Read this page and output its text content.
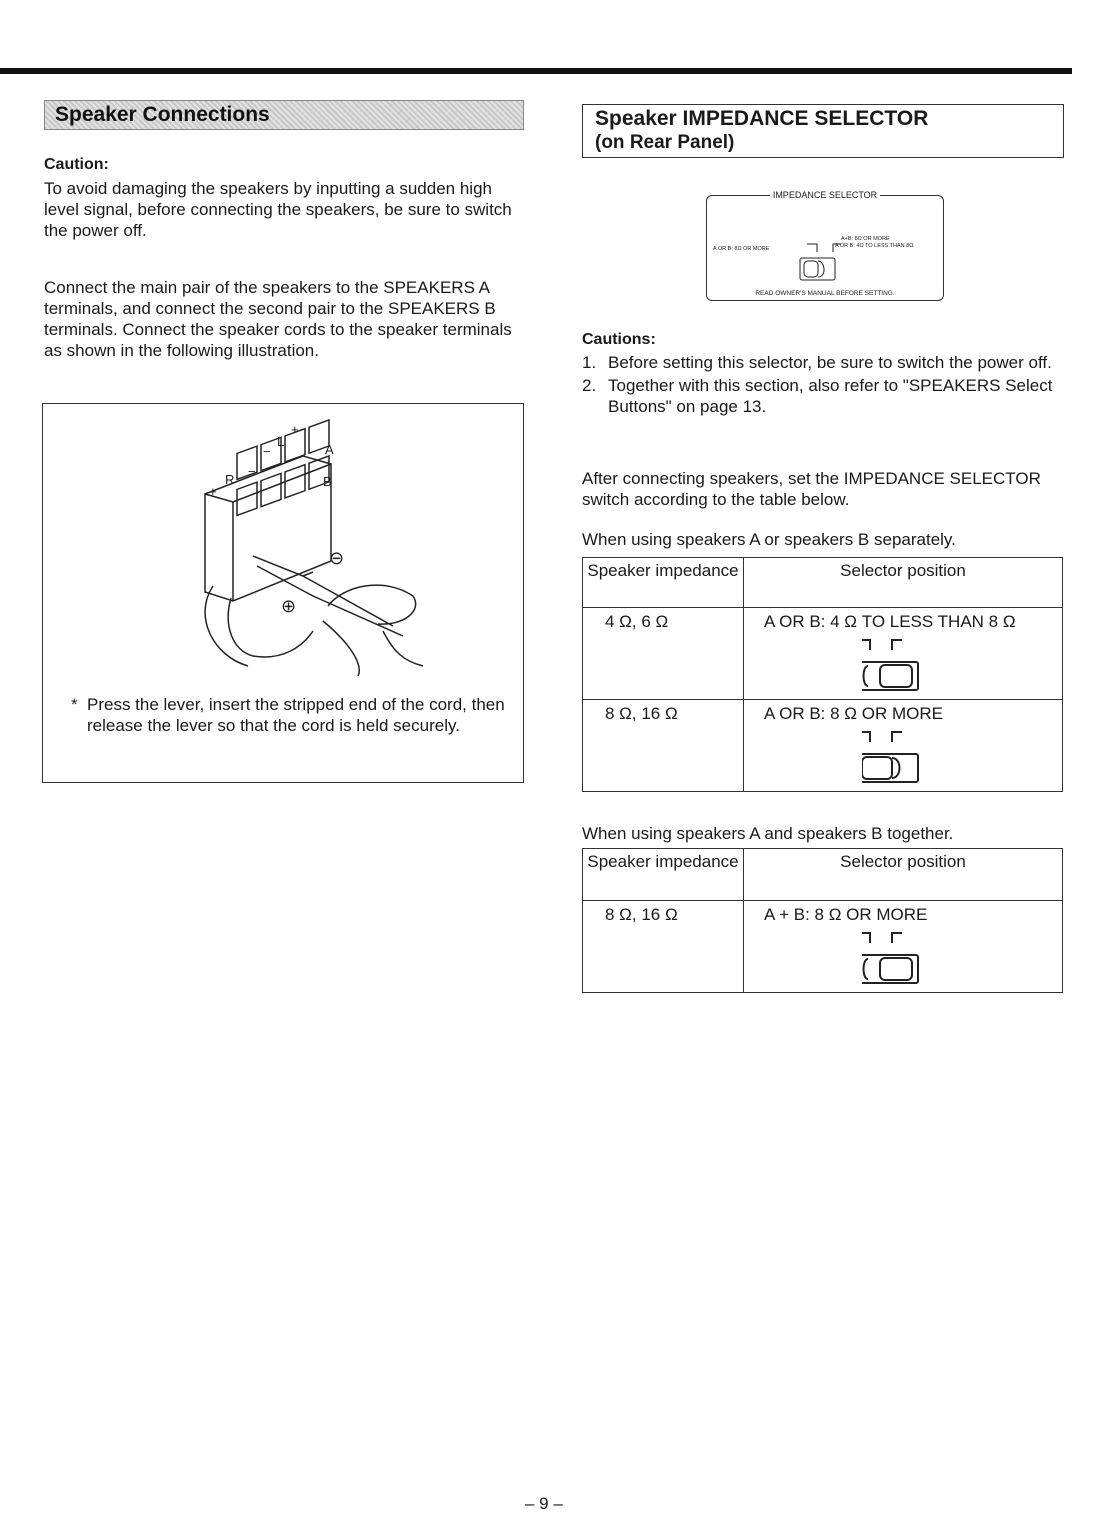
Speaker Connections
Caution:
To avoid damaging the speakers by inputting a sudden high level signal, before connecting the speakers, be sure to switch the power off.
Connect the main pair of the speakers to the SPEAKERS A terminals, and connect the second pair to the SPEAKERS B terminals. Connect the speaker cords to the speaker terminals as shown in the following illustration.
+
R
−
−
L
+
A
B
⊖
⊕
* Press the lever, insert the stripped end of the cord, then release the lever so that the cord is held securely.
Speaker IMPEDANCE SELECTOR
(on Rear Panel)
IMPEDANCE SELECTOR
A+B: 8Ω OR MORE
A OR B: 4Ω TO LESS THAN 8Ω
A OR B: 8Ω OR MORE
READ OWNER'S MANUAL BEFORE SETTING.
Cautions:
1. Before setting this selector, be sure to switch the power off.
2. Together with this section, also refer to "SPEAKERS Select Buttons" on page 13.
After connecting speakers, set the IMPEDANCE SELECTOR switch according to the table below.
When using speakers A or speakers B separately.
Speaker impedance	Selector position
4 Ω, 6 Ω	A OR B: 4 Ω TO LESS THAN 8 Ω

8 Ω, 16 Ω	A OR B: 8 Ω OR MORE
When using speakers A and speakers B together.
Speaker impedance	Selector position
8 Ω, 16 Ω	A + B: 8 Ω OR MORE
– 9 –
